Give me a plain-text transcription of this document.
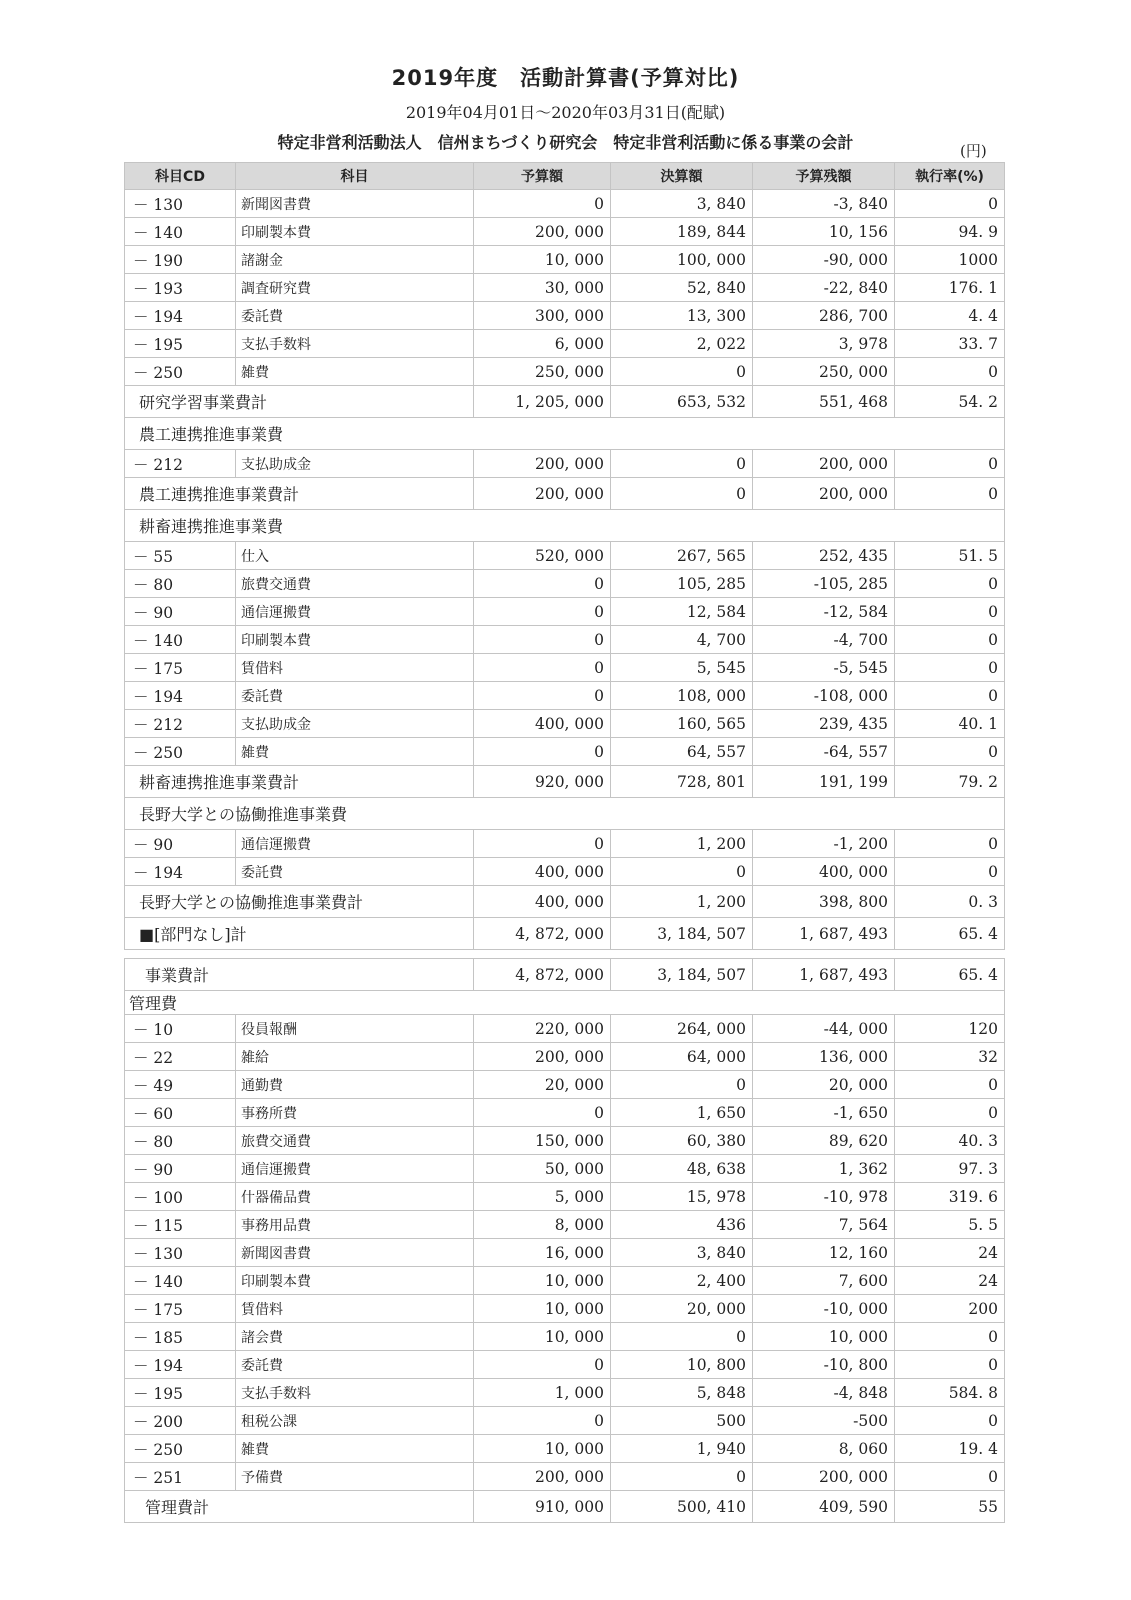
2019年度　活動計算書(予算対比)
2019年04月01日～2020年03月31日(配賦)
特定非営利活動法人　信州まちづくり研究会　特定非営利活動に係る事業の会計	(円)
科目CD	科目	予算額	決算額	予算残額	執行率(%)
－ 130	新聞図書費	0	3, 840	-3, 840	0
－ 140	印刷製本費	200, 000	189, 844	10, 156	94. 9
－ 190	諸謝金	10, 000	100, 000	-90, 000	1000
－ 193	調査研究費	30, 000	52, 840	-22, 840	176. 1
－ 194	委託費	300, 000	13, 300	286, 700	4. 4
－ 195	支払手数料	6, 000	2, 022	3, 978	33. 7
－ 250	雑費	250, 000	0	250, 000	0
研究学習事業費計		1, 205, 000	653, 532	551, 468	54. 2
農工連携推進事業費					
－ 212	支払助成金	200, 000	0	200, 000	0
農工連携推進事業費計		200, 000	0	200, 000	0
耕畜連携推進事業費					
－ 55	仕入	520, 000	267, 565	252, 435	51. 5
－ 80	旅費交通費	0	105, 285	-105, 285	0
－ 90	通信運搬費	0	12, 584	-12, 584	0
－ 140	印刷製本費	0	4, 700	-4, 700	0
－ 175	賃借料	0	5, 545	-5, 545	0
－ 194	委託費	0	108, 000	-108, 000	0
－ 212	支払助成金	400, 000	160, 565	239, 435	40. 1
－ 250	雑費	0	64, 557	-64, 557	0
耕畜連携推進事業費計		920, 000	728, 801	191, 199	79. 2
長野大学との協働推進事業費					
－ 90	通信運搬費	0	1, 200	-1, 200	0
－ 194	委託費	400, 000	0	400, 000	0
長野大学との協働推進事業費計		400, 000	1, 200	398, 800	0. 3
■[部門なし]計		4, 872, 000	3, 184, 507	1, 687, 493	65. 4

事業費計		4, 872, 000	3, 184, 507	1, 687, 493	65. 4
管理費					
－ 10	役員報酬	220, 000	264, 000	-44, 000	120
－ 22	雑給	200, 000	64, 000	136, 000	32
－ 49	通勤費	20, 000	0	20, 000	0
－ 60	事務所費	0	1, 650	-1, 650	0
－ 80	旅費交通費	150, 000	60, 380	89, 620	40. 3
－ 90	通信運搬費	50, 000	48, 638	1, 362	97. 3
－ 100	什器備品費	5, 000	15, 978	-10, 978	319. 6
－ 115	事務用品費	8, 000	436	7, 564	5. 5
－ 130	新聞図書費	16, 000	3, 840	12, 160	24
－ 140	印刷製本費	10, 000	2, 400	7, 600	24
－ 175	賃借料	10, 000	20, 000	-10, 000	200
－ 185	諸会費	10, 000	0	10, 000	0
－ 194	委託費	0	10, 800	-10, 800	0
－ 195	支払手数料	1, 000	5, 848	-4, 848	584. 8
－ 200	租税公課	0	500	-500	0
－ 250	雑費	10, 000	1, 940	8, 060	19. 4
－ 251	予備費	200, 000	0	200, 000	0
管理費計		910, 000	500, 410	409, 590	55
